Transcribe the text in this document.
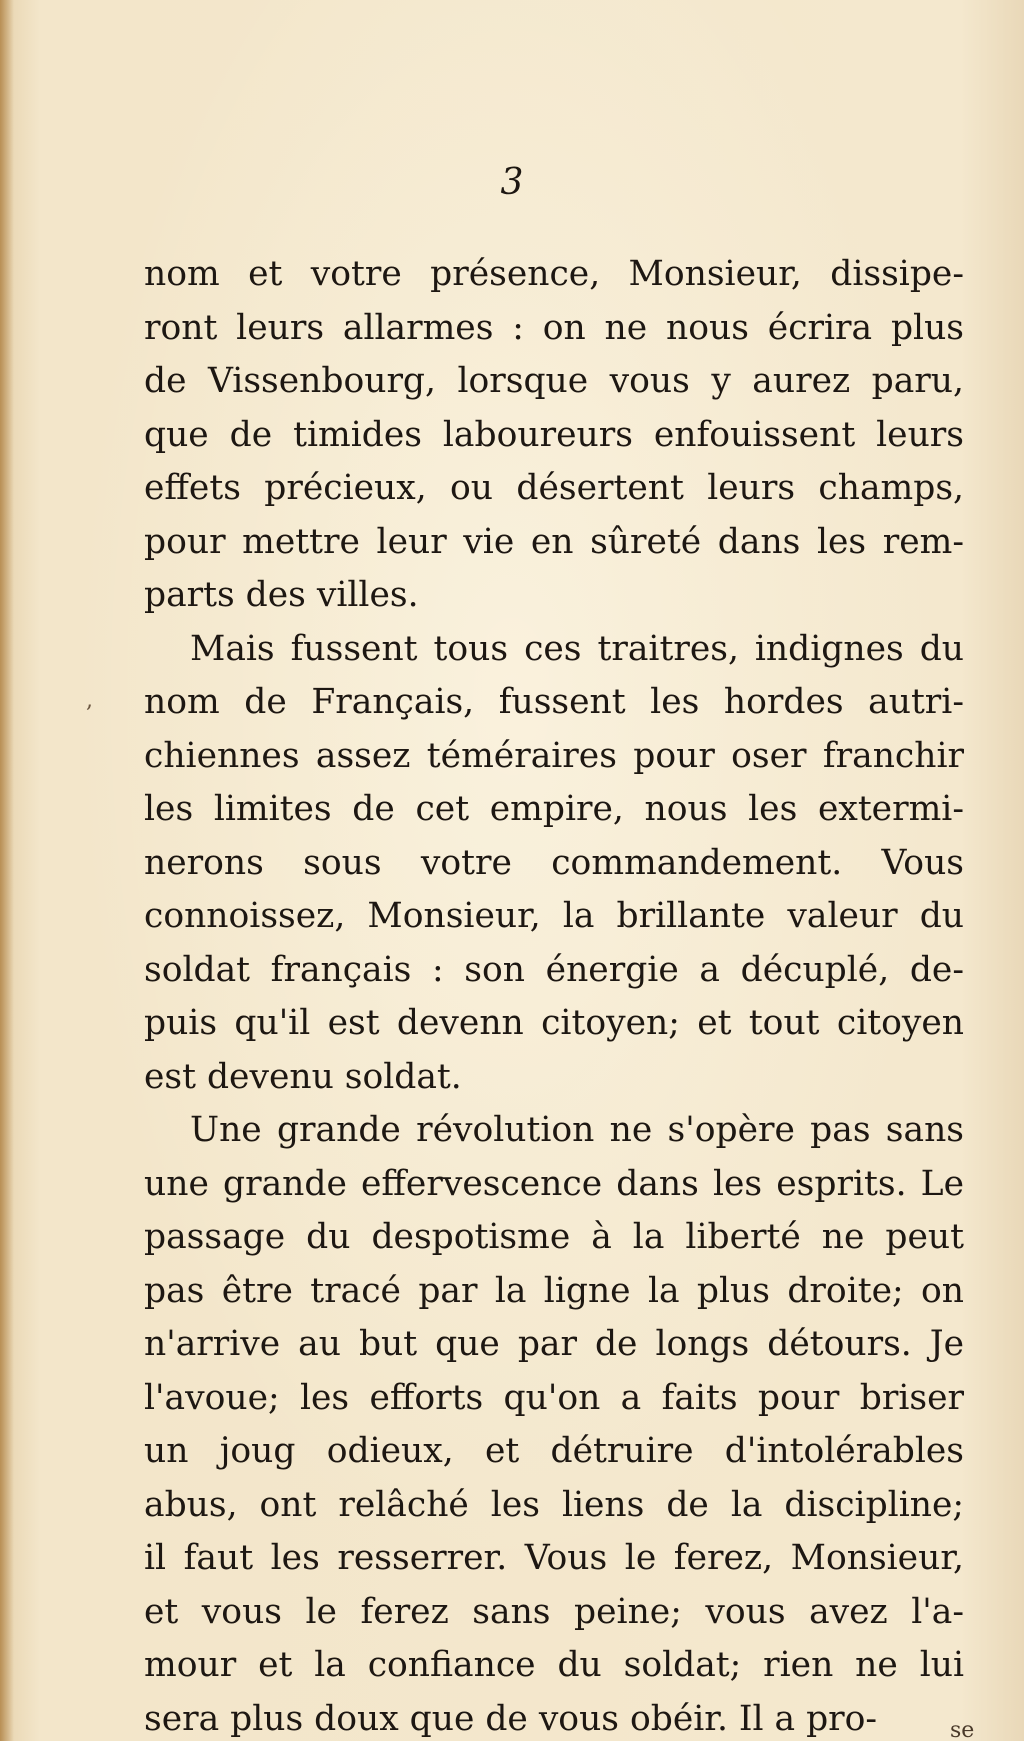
3
,
nom et votre présence, Monsieur, dissipe-
ront leurs allarmes : on ne nous écrira plus
de Vissenbourg, lorsque vous y aurez paru,
que de timides laboureurs enfouissent leurs
effets précieux, ou désertent leurs champs,
pour mettre leur vie en sûreté dans les rem-
parts des villes.
Mais fussent tous ces traitres, indignes du
nom de Français, fussent les hordes autri-
chiennes assez téméraires pour oser franchir
les limites de cet empire, nous les extermi-
nerons sous votre commandement. Vous
connoissez, Monsieur, la brillante valeur du
soldat français : son énergie a décuplé, de-
puis qu'il est devenn citoyen; et tout citoyen
est devenu soldat.
Une grande révolution ne s'opère pas sans
une grande effervescence dans les esprits. Le
passage du despotisme à la liberté ne peut
pas être tracé par la ligne la plus droite; on
n'arrive au but que par de longs détours. Je
l'avoue; les efforts qu'on a faits pour briser
un joug odieux, et détruire d'intolérables
abus, ont relâché les liens de la discipline;
il faut les resserrer. Vous le ferez, Monsieur,
et vous le ferez sans peine; vous avez l'a-
mour et la confiance du soldat; rien ne lui
sera plus doux que de vous obéir. Il a pro-	se
